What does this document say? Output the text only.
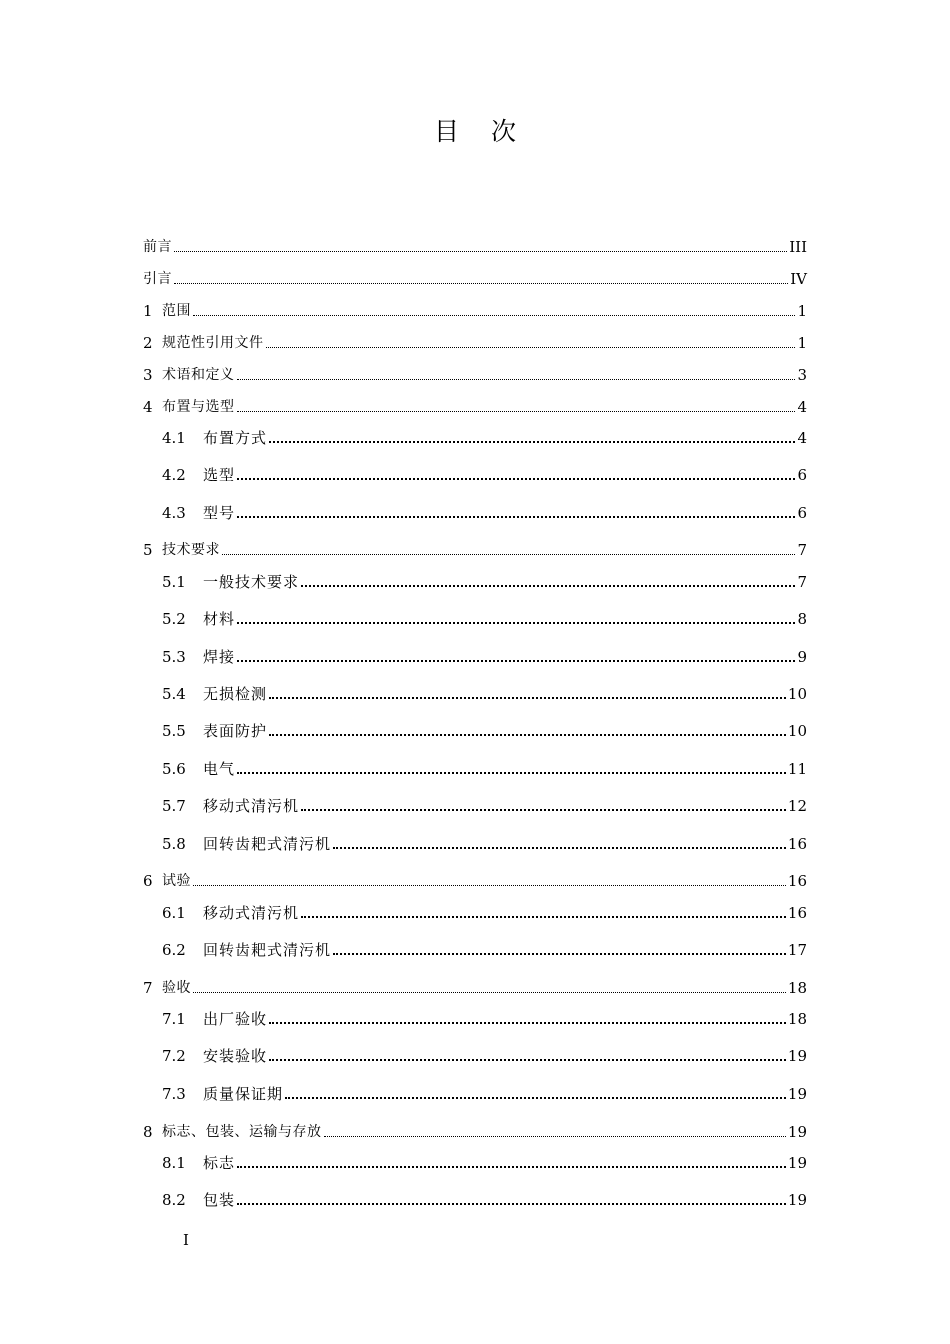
目 次
前言	III
引言	IV
1 范围	1
2 规范性引用文件	1
3 术语和定义	3
4 布置与选型	4
4.1	布置方式	4
4.2	选型	6
4.3	型号	6
5 技术要求	7
5.1	一般技术要求	7
5.2	材料	8
5.3	焊接	9
5.4	无损检测	10
5.5	表面防护	10
5.6	电气	11
5.7	移动式清污机	12
5.8	回转齿耙式清污机	16
6 试验	16
6.1	移动式清污机	16
6.2	回转齿耙式清污机	17
7 验收	18
7.1	出厂验收	18
7.2	安装验收	19
7.3	质量保证期	19
8 标志、包装、运输与存放	19
8.1	标志	19
8.2	包装	19
I
